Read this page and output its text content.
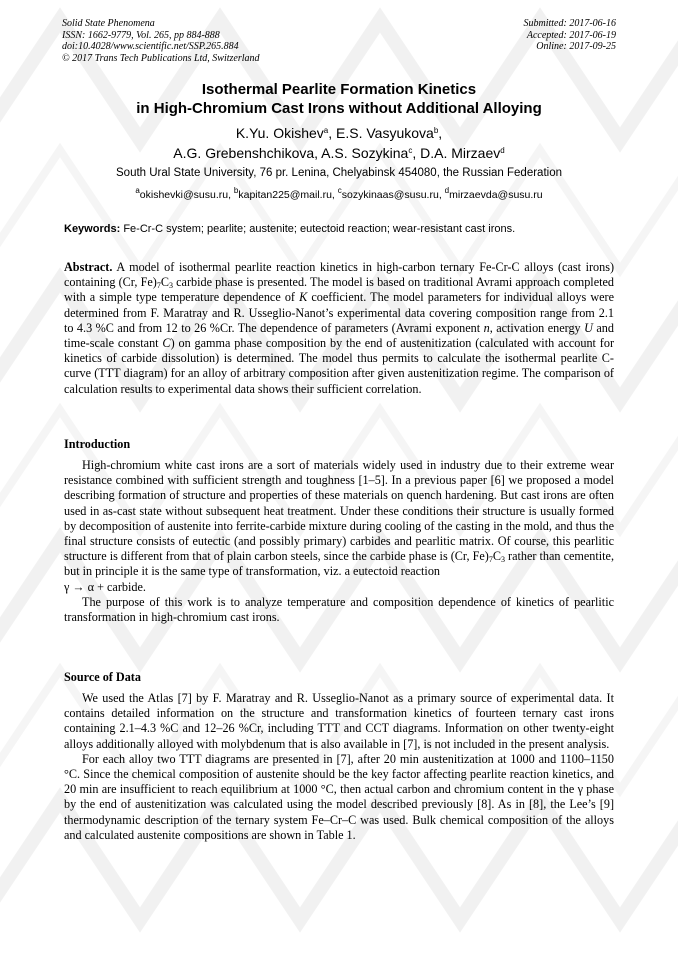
Solid State Phenomena
ISSN: 1662-9779, Vol. 265, pp 884-888
doi:10.4028/www.scientific.net/SSP.265.884
© 2017 Trans Tech Publications Ltd, Switzerland
Submitted: 2017-06-16
Accepted: 2017-06-19
Online: 2017-09-25
Isothermal Pearlite Formation Kinetics
in High-Chromium Cast Irons without Additional Alloying
K.Yu. Okishev$^a$, E.S. Vasyukova$^b$,
A.G. Grebenshchikova, A.S. Sozykina$^c$, D.A. Mirzaev$^d$
South Ural State University, 76 pr. Lenina, Chelyabinsk 454080, the Russian Federation
$^a$okishevki@susu.ru, $^b$kapitan225@mail.ru, $^c$sozykinaas@susu.ru, $^d$mirzaevda@susu.ru
Keywords: Fe-Cr-C system; pearlite; austenite; eutectoid reaction; wear-resistant cast irons.
Abstract. A model of isothermal pearlite reaction kinetics in high-carbon ternary Fe-Cr-C alloys (cast irons) containing (Cr, $Fe)_7C_3$ carbide phase is presented. The model is based on traditional Avrami approach completed with a simple type temperature dependence of K coefficient. The model parameters for individual alloys were determined from F. Maratray and R. Usseglio-Nanot’s experimental data covering composition range from 2.1 to 4.3 %C and from 12 to 26 %Cr. The dependence of parameters (Avrami exponent n, activation energy U and time-scale constant C) on gamma phase composition by the end of austenitization (calculated with account for kinetics of carbide dissolution) is determined. The model thus permits to calculate the isothermal pearlite C-curve (TTT diagram) for an alloy of arbitrary composition after given austenitization regime. The comparison of calculation results to experimental data shows their sufficient correlation.
Introduction
High-chromium white cast irons are a sort of materials widely used in industry due to their extreme wear resistance combined with sufficient strength and toughness [1–5]. In a previous paper [6] we proposed a model describing formation of structure and properties of these materials on quench hardening. But cast irons are often used in as-cast state without subsequent heat treatment. Under these conditions their structure is usually formed by decomposition of austenite into ferrite-carbide mixture during cooling of the casting in the mold, and thus the final structure consists of eutectic (and possibly primary) carbides and pearlitic matrix. Of course, this pearlitic structure is different from that of plain carbon steels, since the carbide phase is (Cr, $Fe)_7C_3$ rather than cementite, but in principle it is the same type of transformation, viz. a eutectoid reaction
γ → α + carbide.
The purpose of this work is to analyze temperature and composition dependence of kinetics of pearlitic transformation in high-chromium cast irons.
Source of Data
We used the Atlas [7] by F. Maratray and R. Usseglio-Nanot as a primary source of experimental data. It contains detailed information on the structure and transformation kinetics of fourteen ternary cast irons containing 2.1–4.3 %C and 12–26 %Cr, including TTT and CCT diagrams. Information on other twenty-eight alloys additionally alloyed with molybdenum that is also available in [7], is not included in the present analysis.
For each alloy two TTT diagrams are presented in [7], after 20 min austenitization at 1000 and 1100–1150 °C. Since the chemical composition of austenite should be the key factor affecting pearlite reaction kinetics, and 20 min are insufficient to reach equilibrium at 1000 °C, then actual carbon and chromium content in the γ phase by the end of austenitization was calculated using the model described previously [8]. As in [8], the Lee’s [9] thermodynamic description of the ternary system Fe–Cr–C was used. Bulk chemical composition of the alloys and calculated austenite compositions are shown in Table 1.
